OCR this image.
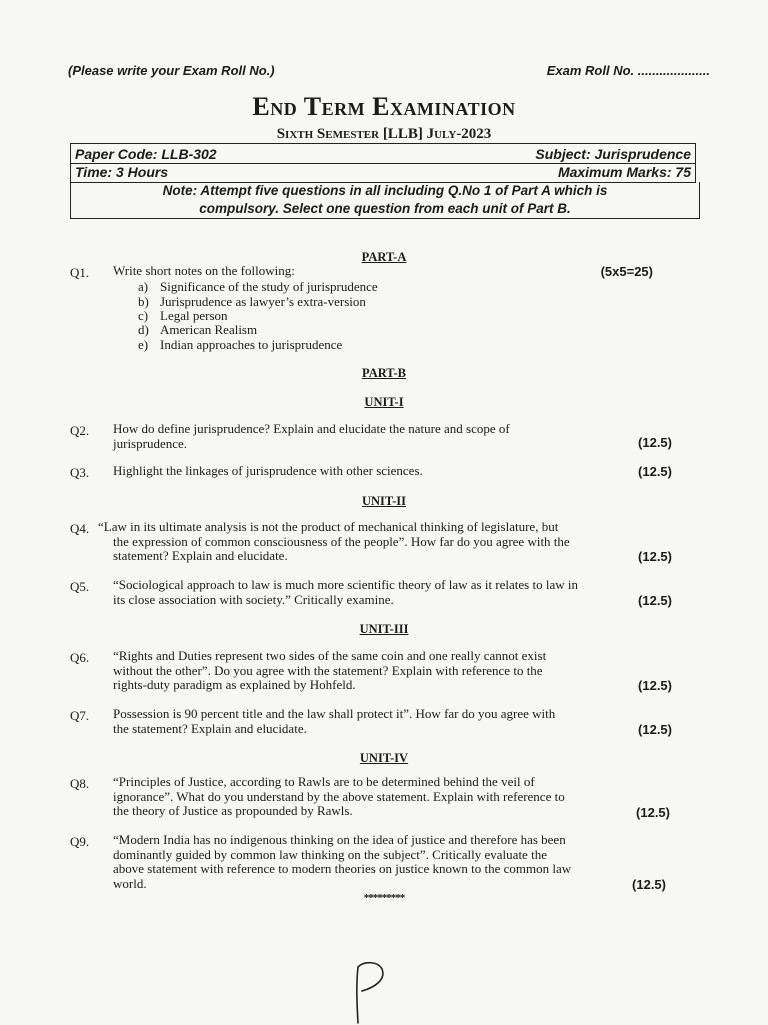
(Please write your Exam Roll No.)	Exam Roll No. ....................
End Term Examination
Sixth Semester [LLB] July-2023
Paper Code: LLB-302	Subject: Jurisprudence
Time: 3 Hours	Maximum Marks: 75
Note: Attempt five questions in all including Q.No 1 of Part A which is
compulsory. Select one question from each unit of Part B.
PART-A
Q1. Write short notes on the following:	(5x5=25)
a) Significance of the study of jurisprudence
b) Jurisprudence as lawyer’s extra-version
c) Legal person
d) American Realism
e) Indian approaches to jurisprudence
PART-B
UNIT-I
Q2. How do define jurisprudence? Explain and elucidate the nature and scope of
jurisprudence.	(12.5)
Q3. Highlight the linkages of jurisprudence with other sciences.	(12.5)
UNIT-II
Q4. “Law in its ultimate analysis is not the product of mechanical thinking of legislature, but
the expression of common consciousness of the people”. How far do you agree with the
statement? Explain and elucidate.	(12.5)
Q5. “Sociological approach to law is much more scientific theory of law as it relates to law in
its close association with society.” Critically examine.	(12.5)
UNIT-III
Q6. “Rights and Duties represent two sides of the same coin and one really cannot exist
without the other”. Do you agree with the statement? Explain with reference to the
rights-duty paradigm as explained by Hohfeld.	(12.5)
Q7. Possession is 90 percent title and the law shall protect it”. How far do you agree with
the statement? Explain and elucidate.	(12.5)
UNIT-IV
Q8. “Principles of Justice, according to Rawls are to be determined behind the veil of
ignorance”. What do you understand by the above statement. Explain with reference to
the theory of Justice as propounded by Rawls.	(12.5)
Q9. “Modern India has no indigenous thinking on the idea of justice and therefore has been
dominantly guided by common law thinking on the subject”. Critically evaluate the
above statement with reference to modern theories on justice known to the common law
world.	(12.5)
*********
